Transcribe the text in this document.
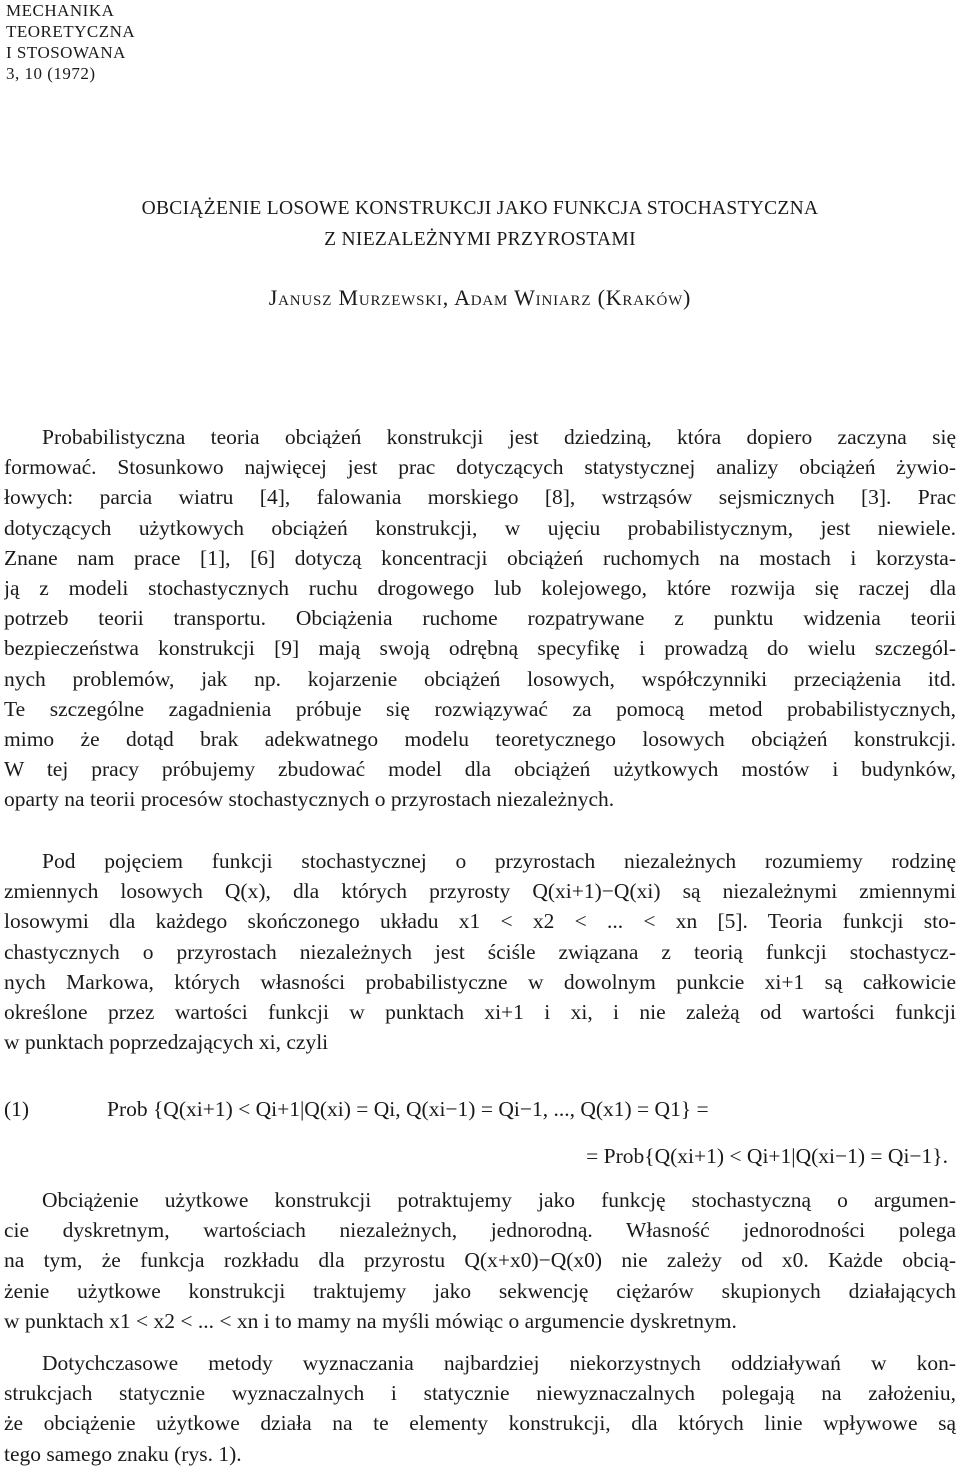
MECHANIKA
TEORETYCZNA
I STOSOWANA
3, 10 (1972)
OBCIĄŻENIE LOSOWE KONSTRUKCJI JAKO FUNKCJA STOCHASTYCZNA
Z NIEZALEŻNYMI PRZYROSTAMI
Janusz Murzewski, Adam Winiarz (Kraków)
Probabilistyczna teoria obciążeń konstrukcji jest dziedziną, która dopiero zaczyna się
formować. Stosunkowo najwięcej jest prac dotyczących statystycznej analizy obciążeń żywio-
łowych: parcia wiatru [4], falowania morskiego [8], wstrząsów sejsmicznych [3]. Prac
dotyczących użytkowych obciążeń konstrukcji, w ujęciu probabilistycznym, jest niewiele.
Znane nam prace [1], [6] dotyczą koncentracji obciążeń ruchomych na mostach i korzysta-
ją z modeli stochastycznych ruchu drogowego lub kolejowego, które rozwija się raczej dla
potrzeb teorii transportu. Obciążenia ruchome rozpatrywane z punktu widzenia teorii
bezpieczeństwa konstrukcji [9] mają swoją odrębną specyfikę i prowadzą do wielu szczegól-
nych problemów, jak np. kojarzenie obciążeń losowych, współczynniki przeciążenia itd.
Te szczególne zagadnienia próbuje się rozwiązywać za pomocą metod probabilistycznych,
mimo że dotąd brak adekwatnego modelu teoretycznego losowych obciążeń konstrukcji.
W tej pracy próbujemy zbudować model dla obciążeń użytkowych mostów i budynków,
oparty na teorii procesów stochastycznych o przyrostach niezależnych.
Pod pojęciem funkcji stochastycznej o przyrostach niezależnych rozumiemy rodzinę
zmiennych losowych Q(x), dla których przyrosty Q(xi+1)−Q(xi) są niezależnymi zmiennymi
losowymi dla każdego skończonego układu x1 < x2 < ... < xn [5]. Teoria funkcji sto-
chastycznych o przyrostach niezależnych jest ściśle związana z teorią funkcji stochastycz-
nych Markowa, których własności probabilistyczne w dowolnym punkcie xi+1 są całkowicie
określone przez wartości funkcji w punktach xi+1 i xi, i nie zależą od wartości funkcji
w punktach poprzedzających xi, czyli
(1)	Prob {Q(xi+1) < Qi+1|Q(xi) = Qi, Q(xi−1) = Qi−1, ..., Q(x1) = Q1} =
= Prob{Q(xi+1) < Qi+1|Q(xi−1) = Qi−1}.
Obciążenie użytkowe konstrukcji potraktujemy jako funkcję stochastyczną o argumen-
cie dyskretnym, wartościach niezależnych, jednorodną. Własność jednorodności polega
na tym, że funkcja rozkładu dla przyrostu Q(x+x0)−Q(x0) nie zależy od x0. Każde obcią-
żenie użytkowe konstrukcji traktujemy jako sekwencję ciężarów skupionych działających
w punktach x1 < x2 < ... < xn i to mamy na myśli mówiąc o argumencie dyskretnym.
Dotychczasowe metody wyznaczania najbardziej niekorzystnych oddziaływań w kon-
strukcjach statycznie wyznaczalnych i statycznie niewyznaczalnych polegają na założeniu,
że obciążenie użytkowe działa na te elementy konstrukcji, dla których linie wpływowe są
tego samego znaku (rys. 1).
